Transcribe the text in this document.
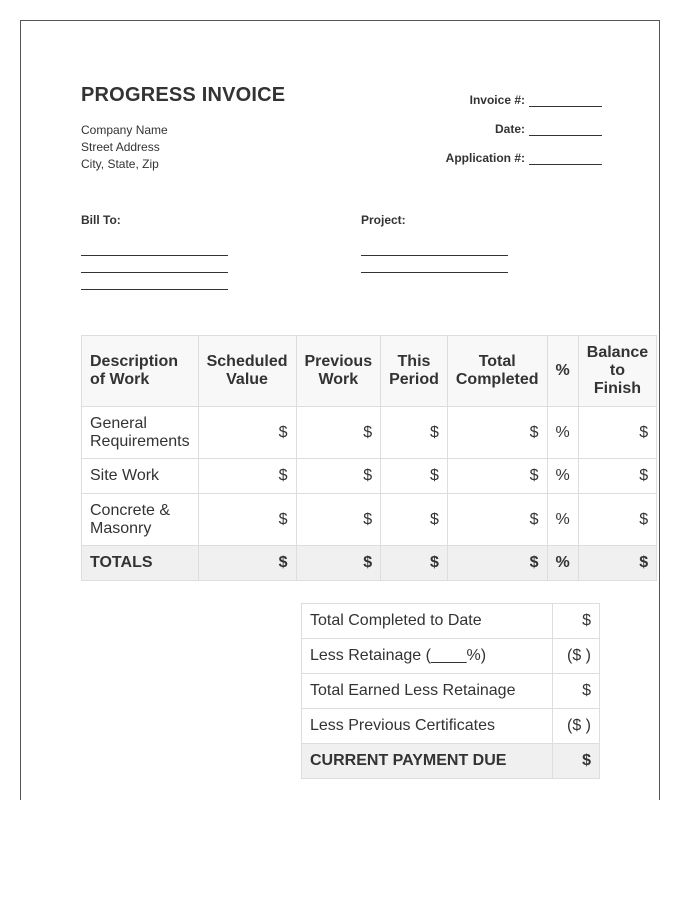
PROGRESS INVOICE
Company Name
Street Address
City, State, Zip
Invoice #:
Date:
Application #:
Bill To:	Project:
Description of Work	Scheduled Value	Previous Work	This Period	Total Completed	%	Balance to Finish
General Requirements	$	$	$	$	%	$
Site Work	$	$	$	$	%	$
Concrete & Masonry	$	$	$	$	%	$
TOTALS	$	$	$	$	%	$
Total Completed to Date	$
Less Retainage (____%)	($ )
Total Earned Less Retainage	$
Less Previous Certificates	($ )
CURRENT PAYMENT DUE	$
